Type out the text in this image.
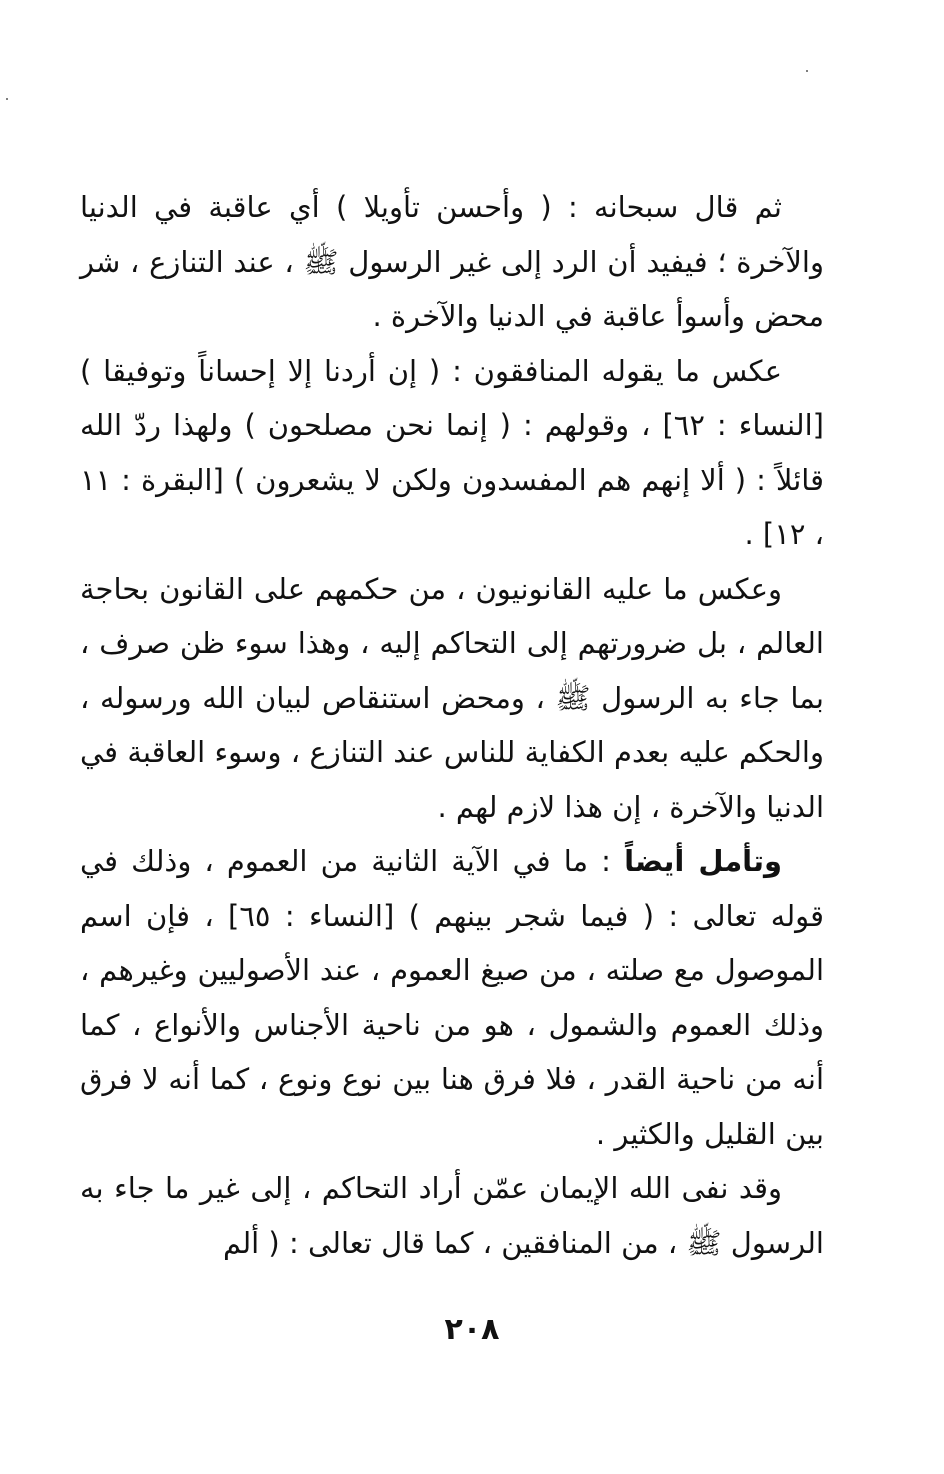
ثم قال سبحانه : ( وأحسن تأويلا ) أي عاقبة في الدنيا والآخرة ؛ فيفيد أن الرد إلى غير الرسول ﷺ ، عند التنازع ، شر محض وأسوأ عاقبة في الدنيا والآخرة .

عكس ما يقوله المنافقون : ( إن أردنا إلا إحساناً وتوفيقا ) [النساء : ٦٢] ، وقولهم : ( إنما نحن مصلحون ) ولهذا ردّ الله قائلاً : ( ألا إنهم هم المفسدون ولكن لا يشعرون ) [البقرة : ١١ ، ١٢] .

وعكس ما عليه القانونيون ، من حكمهم على القانون بحاجة العالم ، بل ضرورتهم إلى التحاكم إليه ، وهذا سوء ظن صرف ، بما جاء به الرسول ﷺ ، ومحض استنقاص لبيان الله ورسوله ، والحكم عليه بعدم الكفاية للناس عند التنازع ، وسوء العاقبة في الدنيا والآخرة ، إن هذا لازم لهم .

وتأمل أيضاً : ما في الآية الثانية من العموم ، وذلك في قوله تعالى : ( فيما شجر بينهم ) [النساء : ٦٥] ، فإن اسم الموصول مع صلته ، من صيغ العموم ، عند الأصوليين وغيرهم ، وذلك العموم والشمول ، هو من ناحية الأجناس والأنواع ، كما أنه من ناحية القدر ، فلا فرق هنا بين نوع ونوع ، كما أنه لا فرق بين القليل والكثير .

وقد نفى الله الإيمان عمّن أراد التحاكم ، إلى غير ما جاء به الرسول ﷺ ، من المنافقين ، كما قال تعالى : ( ألم

٢٠٨
